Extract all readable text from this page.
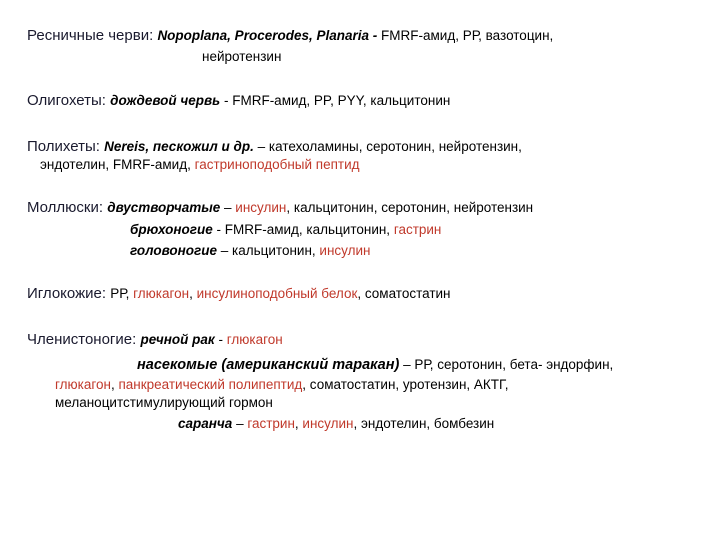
Ресничные черви: Nopoplana, Procerodes, Planaria - FMRF-амид, РР, вазотоцин,
нейротензин
Олигохеты: дождевой червь - FMRF-амид, PP, PYY, кальцитонин
Полихеты: Nereis, пескожил и др. – катехоламины, серотонин, нейротензин,
эндотелин, FMRF-амид, гастриноподобный пептид
Моллюски: двустворчатые – инсулин, кальцитонин, серотонин, нейротензин
брюхоногие - FMRF-амид, кальцитонин, гастрин
головоногие – кальцитонин, инсулин
Иглокожие: РР, глюкагон, инсулиноподобный белок, соматостатин
Членистоногие: речной рак - глюкагон
насекомые (американский таракан) – РР, серотонин, бета- эндорфин,
глюкагон, панкреатический полипептид, соматостатин, уротензин, АКТГ,
меланоцитстимулирующий гормон
саранча – гастрин, инсулин, эндотелин, бомбезин
